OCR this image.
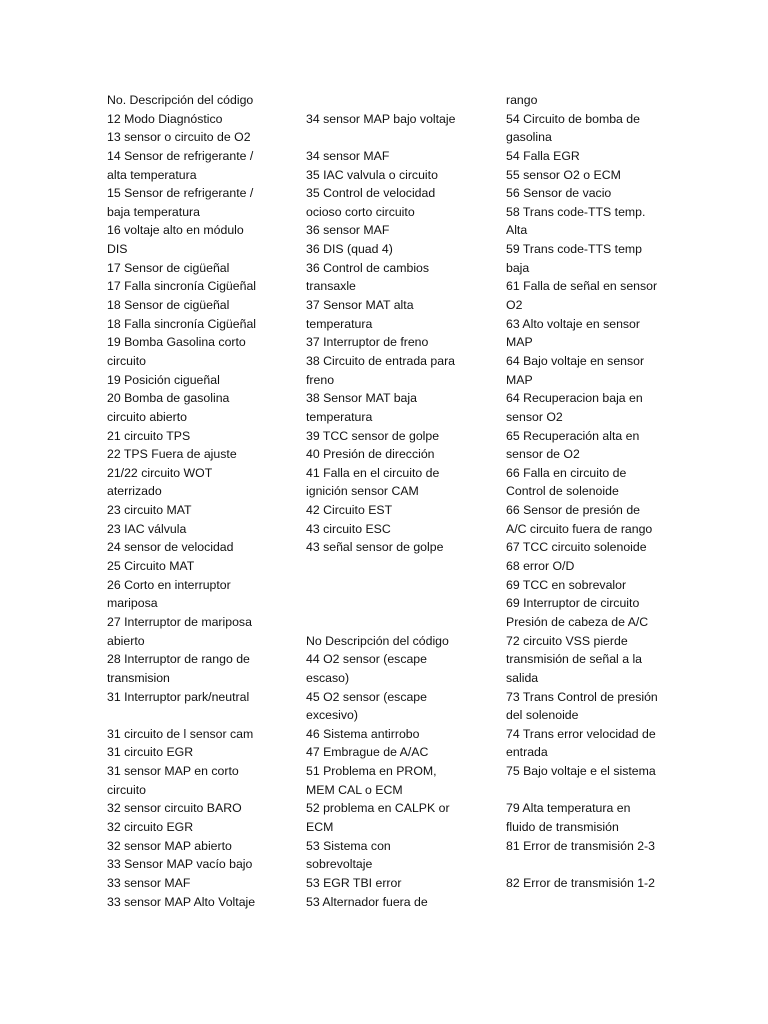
No. Descripción del código
12 Modo Diagnóstico
13 sensor o circuito de O2
14 Sensor de refrigerante /
alta temperatura
15 Sensor de refrigerante /
baja temperatura
16 voltaje alto en módulo
DIS
17 Sensor de cigüeñal
17 Falla sincronía Cigüeñal
18 Sensor de cigüeñal
18 Falla sincronía Cigüeñal
19 Bomba Gasolina corto
circuito
19 Posición cigueñal
20 Bomba de gasolina
circuito abierto
21 circuito TPS
22 TPS Fuera de ajuste
21/22 circuito WOT
aterrizado
23 circuito MAT
23 IAC válvula
24 sensor de velocidad
25 Circuito MAT
26 Corto en interruptor
mariposa
27 Interruptor de mariposa
abierto
28 Interruptor de rango de
transmision
31 Interruptor park/neutral
31 circuito de l sensor cam
31 circuito EGR
31 sensor MAP en corto
circuito
32 sensor circuito BARO
32 circuito EGR
32 sensor MAP abierto
33 Sensor MAP vacío bajo
33 sensor MAF
33 sensor MAP Alto Voltaje
34 sensor MAP bajo voltaje
34 sensor MAF
35 IAC valvula o circuito
35 Control de velocidad
ocioso corto circuito
36 sensor MAF
36 DIS (quad 4)
36 Control de cambios
transaxle
37 Sensor MAT alta
temperatura
37 Interruptor de freno
38 Circuito de entrada para
freno
38 Sensor MAT baja
temperatura
39 TCC sensor de golpe
40 Presión de dirección
41 Falla en el circuito de
ignición sensor CAM
42 Circuito EST
43 circuito ESC
43 señal sensor de golpe
No Descripción del código
44 O2 sensor (escape
escaso)
45 O2 sensor (escape
excesivo)
46 Sistema antirrobo
47 Embrague de A/AC
51 Problema en PROM,
MEM CAL o ECM
52 problema en CALPK or
ECM
53 Sistema con
sobrevoltaje
53 EGR TBI error
53 Alternador fuera de
rango
54 Circuito de bomba de
gasolina
54 Falla EGR
55 sensor O2 o ECM
56 Sensor de vacio
58 Trans code-TTS temp.
Alta
59 Trans code-TTS temp
baja
61 Falla de señal en sensor
O2
63 Alto voltaje en sensor
MAP
64 Bajo voltaje en sensor
MAP
64 Recuperacion baja en
sensor O2
65 Recuperación alta en
sensor de O2
66 Falla en circuito de
Control de solenoide
66 Sensor de presión de
A/C circuito fuera de rango
67 TCC circuito solenoide
68 error O/D
69 TCC en sobrevalor
69 Interruptor de circuito
Presión de cabeza de A/C
72 circuito VSS pierde
transmisión de señal a la
salida
73 Trans Control de presión
del solenoide
74 Trans error velocidad de
entrada
75 Bajo voltaje e el sistema
79 Alta temperatura en
fluido de transmisión
81 Error de transmisión 2-3
82 Error de transmisión 1-2
